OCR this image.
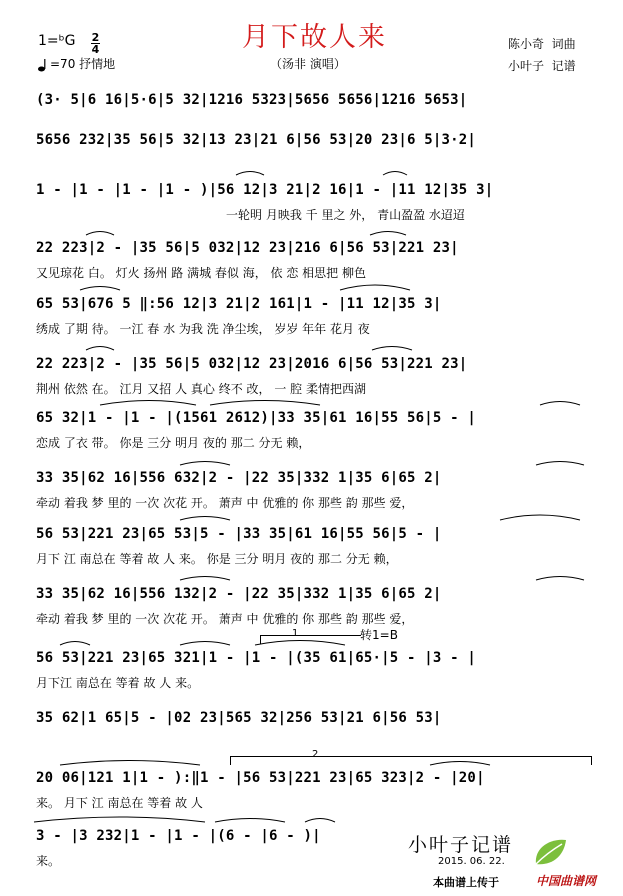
1=ᵇG 2
4
=70 抒情地
月下故人来
（汤非 演唱）
陈小奇  词曲
小叶子  记谱
(3· 5|6 16|5·6|5 32|1216 5323|5656 5656|1216 5653|
5656 232|35 56|5 32|13 23|21 6|56 53|20 23|6 5|3·2|
1 - |1 - |1 - |1 - )|56 12|3 21|2 16|1 - |11 12|35 3|
一轮明 月映我 千 里之 外， 青山盈盈 水迢迢
22 223|2 - |35 56|5 032|12 23|216 6|56 53|221 23|
又见琼花 白。 灯火 扬州 路 满城 春似 海， 依 恋 相思把 柳色
65 53|676 5 ‖:56 12|3 21|2 161|1 - |11 12|35 3|
绣成 了期 待。 一江 春 水 为我 洗 净尘埃， 岁岁 年年 花月 夜
22 223|2 - |35 56|5 032|12 23|2016 6|56 53|221 23|
荆州 依然 在。 江月 又招 人 真心 终不 改， 一 腔 柔情把西湖
65 32|1 - |1 - |(1561 2612)|33 35|61 16|55 56|5 - |
恋成 了衣 带。 你是 三分 明月 夜的 那二 分无 赖，
33 35|62 16|556 632|2 - |22 35|332 1|35 6|65 2|
牵动 着我 梦 里的 一次 次花 开。 萧声 中 优雅的 你 那些 韵 那些 爱，
56 53|221 23|65 53|5 - |33 35|61 16|55 56|5 - |
月下 江 南总在 等着 故 人 来。 你是 三分 明月 夜的 那二 分无 赖，
33 35|62 16|556 132|2 - |22 35|332 1|35 6|65 2|
牵动 着我 梦 里的 一次 次花 开。 萧声 中 优雅的 你 那些 韵 那些 爱，
56 53|221 23|65 321|1 - |1 - |(35 61|65·|5 - |3 - |
月下江 南总在 等着 故 人 来。
35 62|1 65|5 - |02 23|565 32|256 53|21 6|56 53|
20 06|121 1|1 - ):‖1 - |56 53|221 23|65 323|2 - |20|
来。 月下 江 南总在 等着 故 人
3 - |3 232|1 - |1 - |(6 - |6 - )|
来。
1	转1=B
2
小叶子记谱
2015. 06. 22.
本曲谱上传于	中国曲谱网
